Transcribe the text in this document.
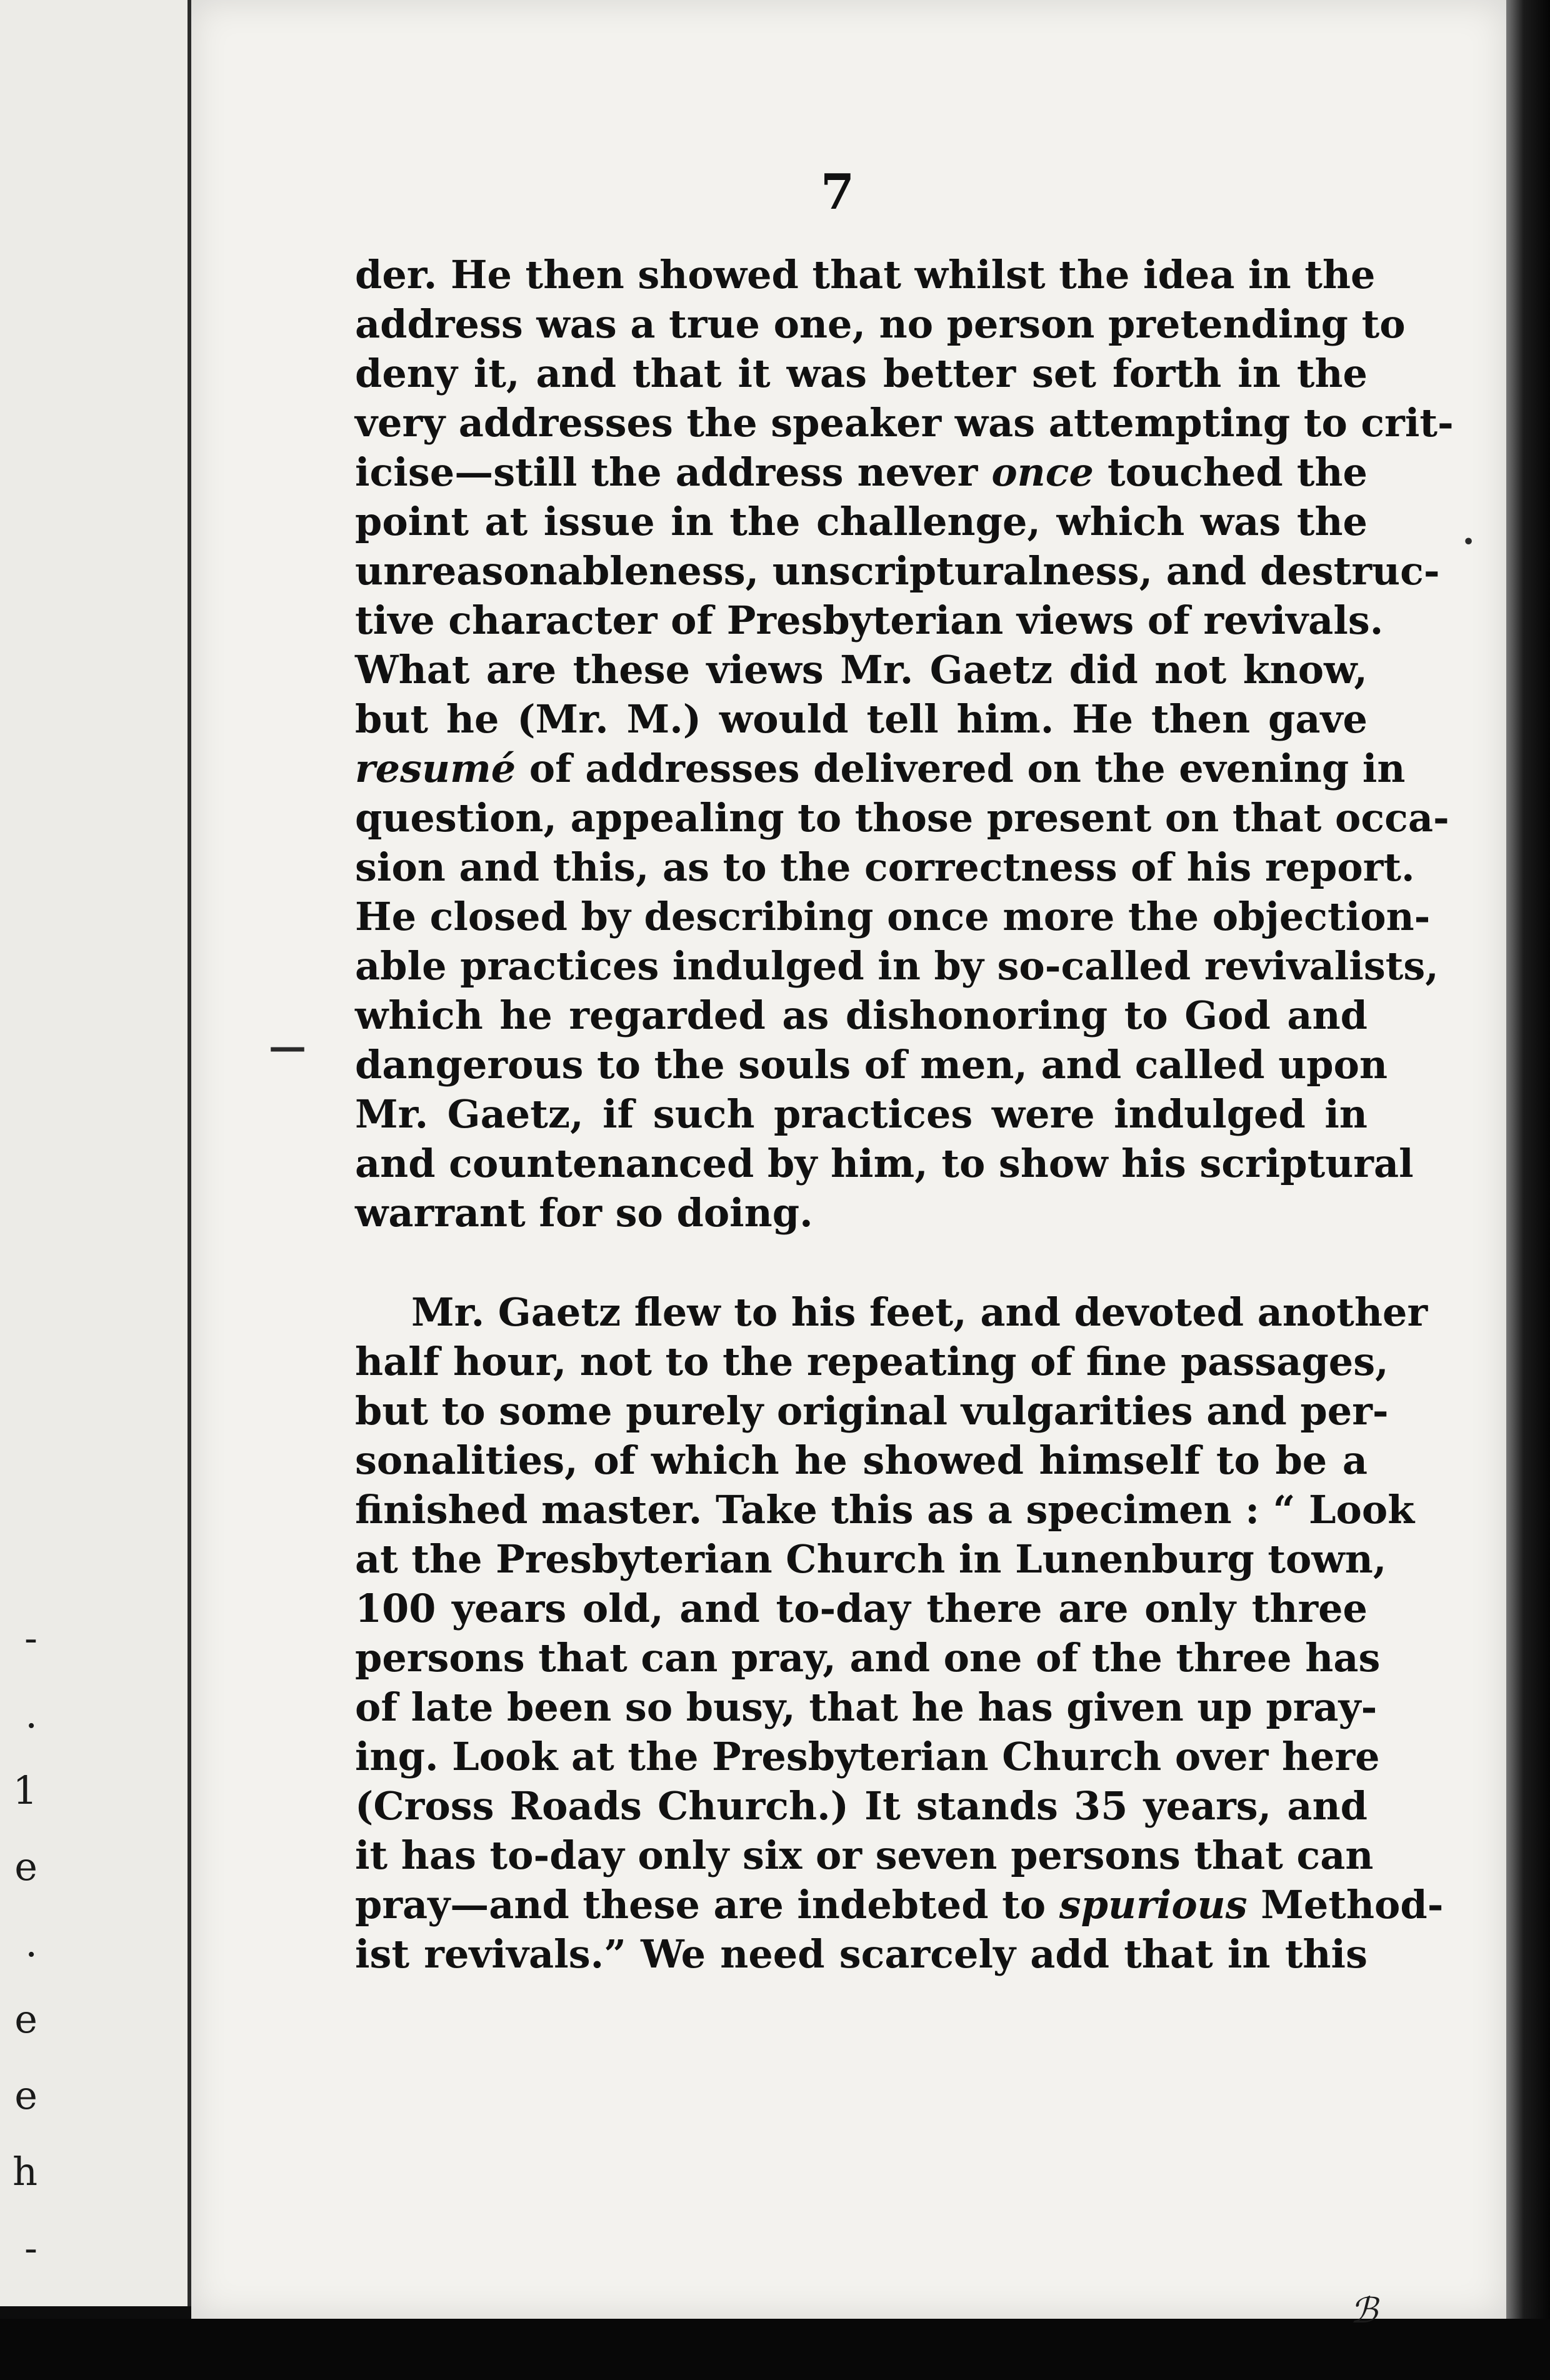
-
.
1
e
.
e
e
h
-
—
•
7
der. He then showed that whilst the idea in the
address was a true one, no person pretending to
deny it, and that it was better set forth in the
very addresses the speaker was attempting to crit-
icise—still the address never once touched the
point at issue in the challenge, which was the
unreasonableness, unscripturalness, and destruc-
tive character of Presbyterian views of revivals.
What are these views Mr. Gaetz did not know,
but he (Mr. M.) would tell him. He then gave
resumé of addresses delivered on the evening in
question, appealing to those present on that occa-
sion and this, as to the correctness of his report.
He closed by describing once more the objection-
able practices indulged in by so-called revivalists,
which he regarded as dishonoring to God and
dangerous to the souls of men, and called upon
Mr. Gaetz, if such practices were indulged in
and countenanced by him, to show his scriptural
warrant for so doing.
Mr. Gaetz flew to his feet, and devoted another
half hour, not to the repeating of fine passages,
but to some purely original vulgarities and per-
sonalities, of which he showed himself to be a
finished master. Take this as a specimen : “ Look
at the Presbyterian Church in Lunenburg town,
100 years old, and to-day there are only three
persons that can pray, and one of the three has
of late been so busy, that he has given up pray-
ing. Look at the Presbyterian Church over here
(Cross Roads Church.) It stands 35 years, and
it has to-day only six or seven persons that can
pray—and these are indebted to spurious Method-
ist revivals.” We need scarcely add that in this
ℬ
